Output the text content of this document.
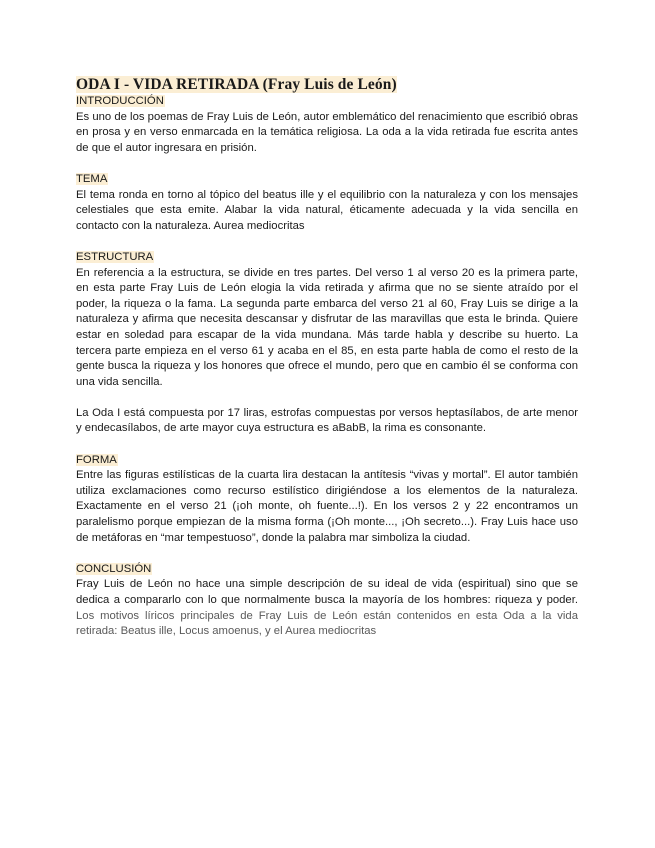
ODA I - VIDA RETIRADA (Fray Luis de León)
INTRODUCCIÓN

Es uno de los poemas de Fray Luis de León, autor emblemático del renacimiento que escribió obras en prosa y en verso enmarcada en la temática religiosa. La oda a la vida retirada fue escrita antes de que el autor ingresara en prisión.

TEMA

El tema ronda en torno al tópico del beatus ille y el equilibrio con la naturaleza y con los mensajes celestiales que esta emite. Alabar la vida natural, éticamente adecuada y la vida sencilla en contacto con la naturaleza. Aurea mediocritas

ESTRUCTURA

En referencia a la estructura, se divide en tres partes. Del verso 1 al verso 20 es la primera parte, en esta parte Fray Luis de León elogia la vida retirada y afirma que no se siente atraído por el poder, la riqueza o la fama. La segunda parte embarca del verso 21 al 60, Fray Luis se dirige a la naturaleza y afirma que necesita descansar y disfrutar de las maravillas que esta le brinda. Quiere estar en soledad para escapar de la vida mundana. Más tarde habla y describe su huerto. La tercera parte empieza en el verso 61 y acaba en el 85, en esta parte habla de como el resto de la gente busca la riqueza y los honores que ofrece el mundo, pero que en cambio él se conforma con una vida sencilla.

La Oda I está compuesta por 17 liras, estrofas compuestas por versos heptasílabos, de arte menor y endecasílabos, de arte mayor cuya estructura es aBabB, la rima es consonante.

FORMA

Entre las figuras estilísticas de la cuarta lira destacan la antítesis “vivas y mortal”. El autor también utiliza exclamaciones como recurso estilístico dirigiéndose a los elementos de la naturaleza. Exactamente en el verso 21 (¡oh monte, oh fuente...!). En los versos 2 y 22 encontramos un paralelismo porque empiezan de la misma forma (¡Oh monte..., ¡Oh secreto...). Fray Luis hace uso de metáforas en “mar tempestuoso”, donde la palabra mar simboliza la ciudad.

CONCLUSIÓN

Fray Luis de León no hace una simple descripción de su ideal de vida (espiritual) sino que se dedica a compararlo con lo que normalmente busca la mayoría de los hombres: riqueza y poder. Los motivos líricos principales de Fray Luis de León están contenidos en esta Oda a la vida retirada: Beatus ille, Locus amoenus, y el Aurea mediocritas
